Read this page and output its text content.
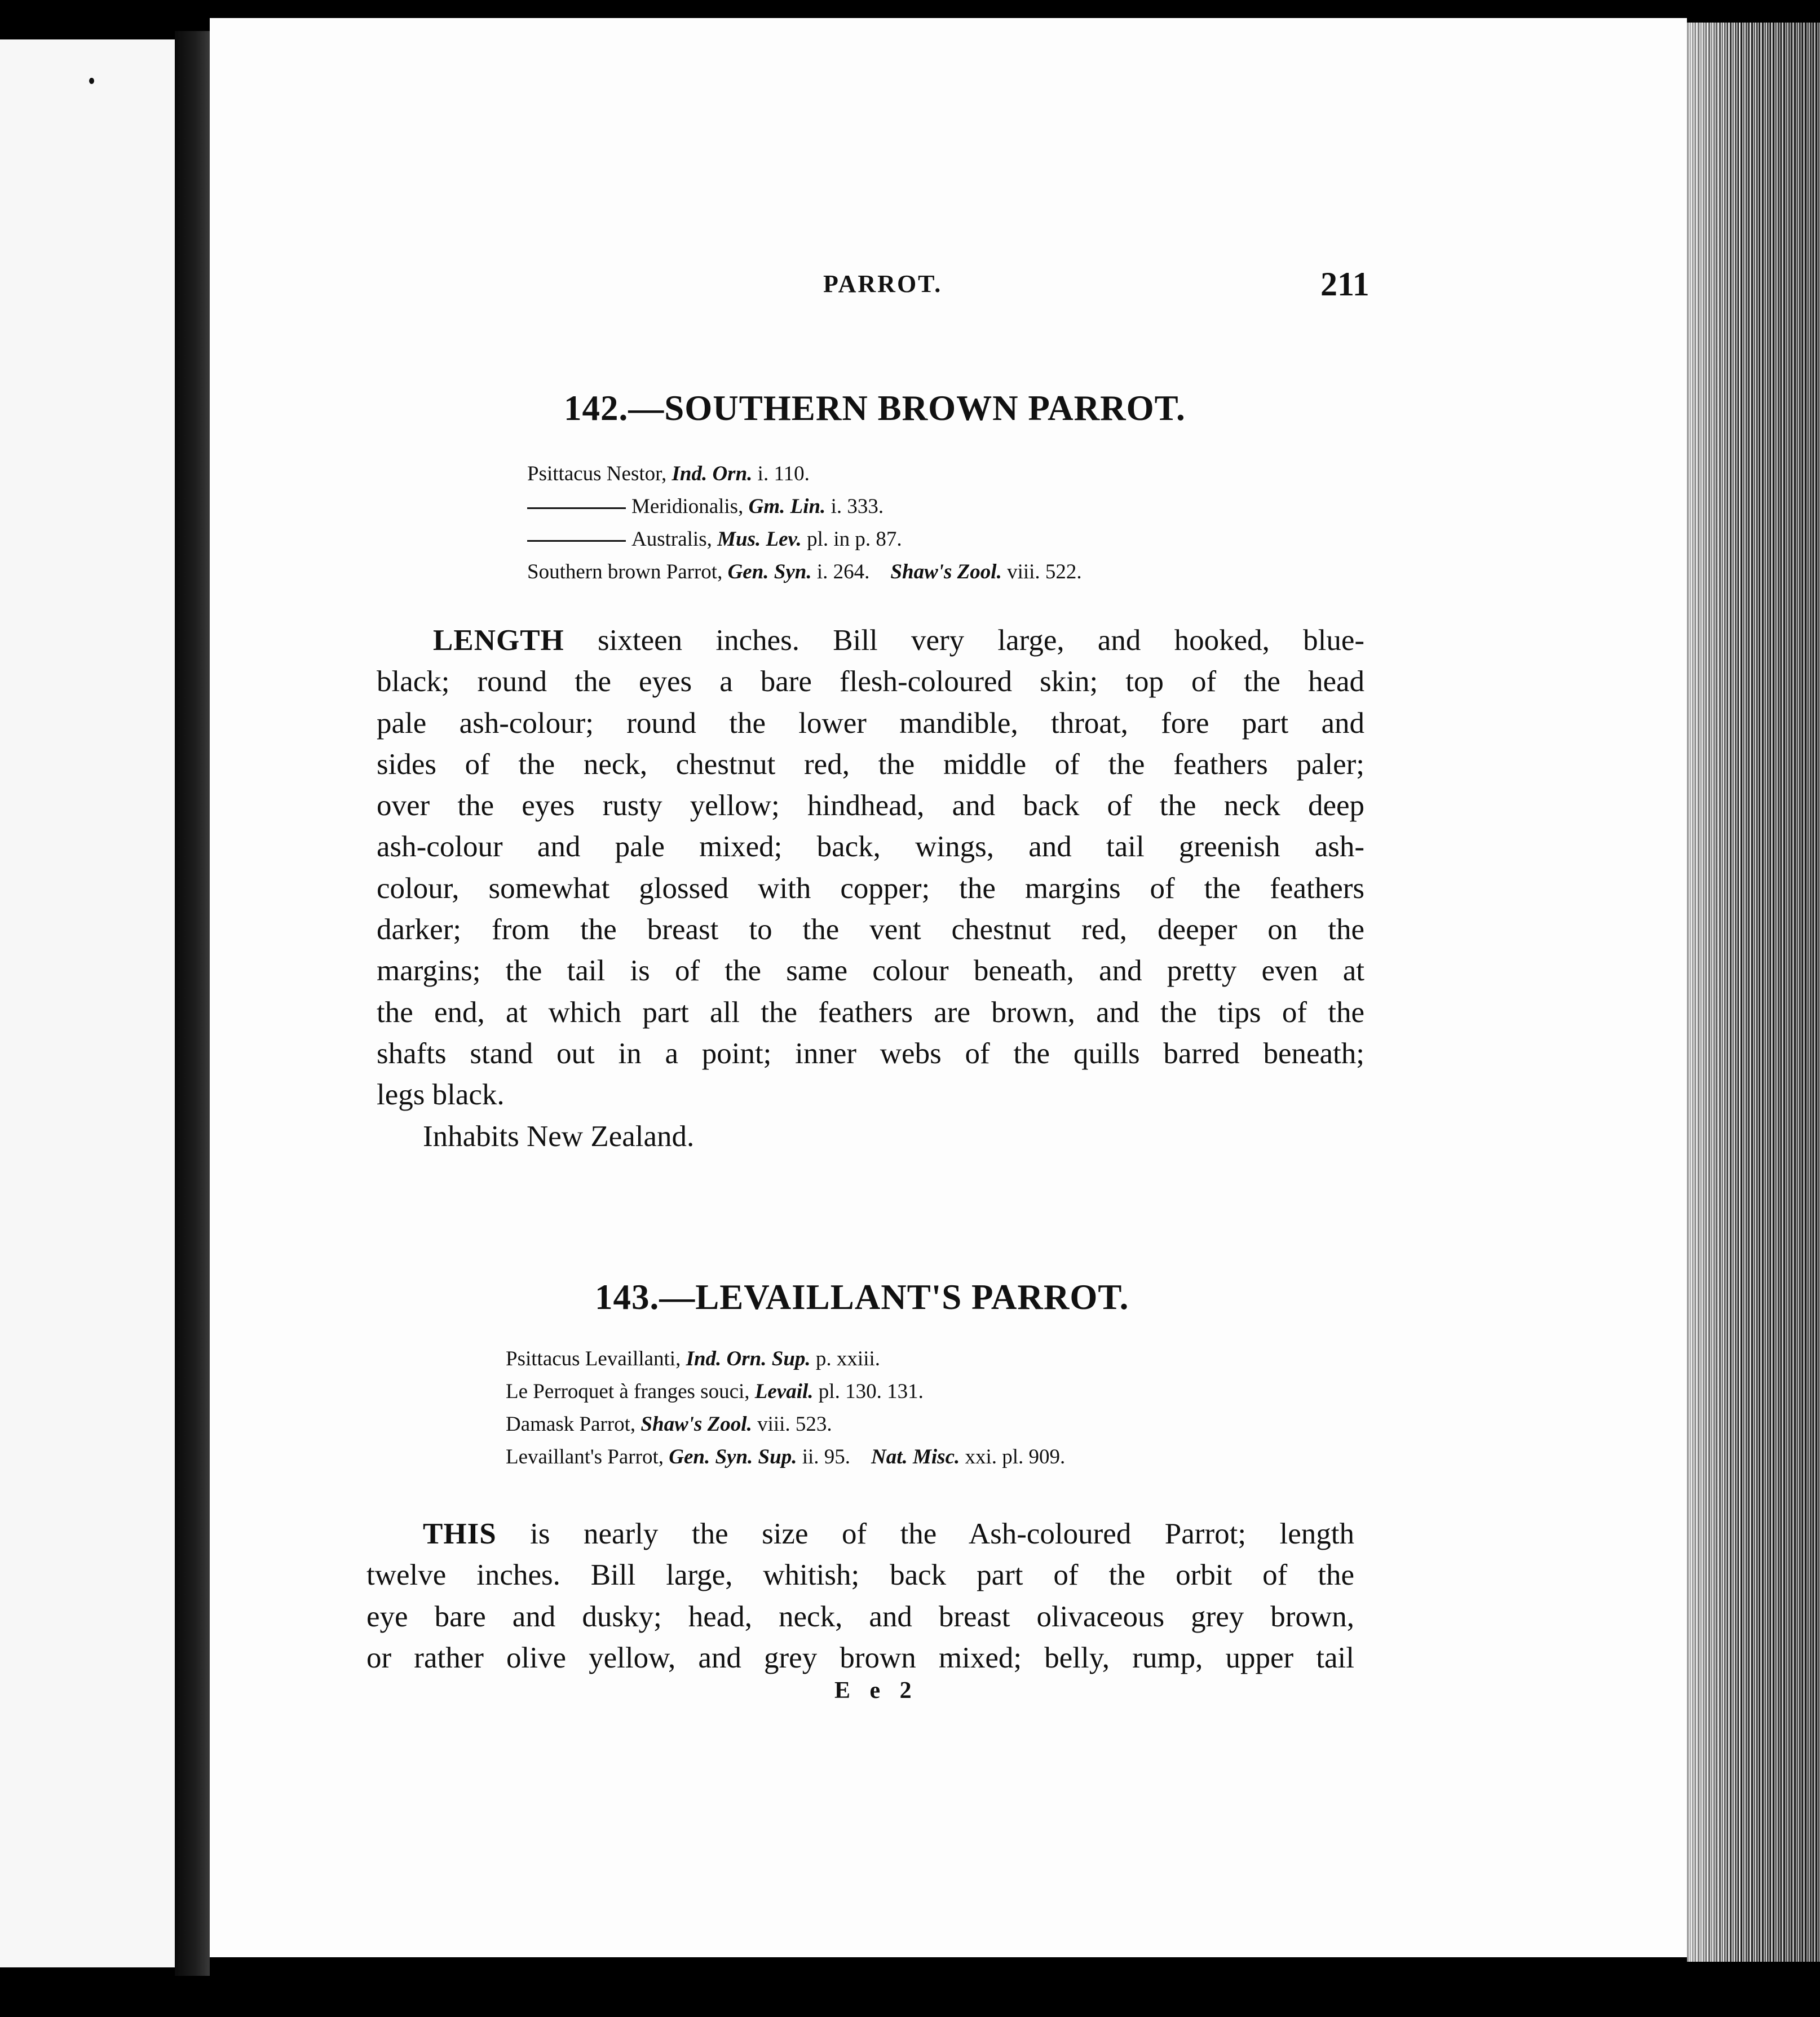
PARROT.	211
142.—SOUTHERN BROWN PARROT.
Psittacus Nestor, Ind. Orn. i. 110.
Meridionalis, Gm. Lin. i. 333.
Australis, Mus. Lev. pl. in p. 87.
Southern brown Parrot, Gen. Syn. i. 264.  Shaw's Zool. viii. 522.
LENGTH sixteen inches. Bill very large, and hooked, blue-
black; round the eyes a bare flesh-coloured skin; top of the head
pale ash-colour; round the lower mandible, throat, fore part and
sides of the neck, chestnut red, the middle of the feathers paler;
over the eyes rusty yellow; hindhead, and back of the neck deep
ash-colour and pale mixed; back, wings, and tail greenish ash-
colour, somewhat glossed with copper; the margins of the feathers
darker; from the breast to the vent chestnut red, deeper on the
margins; the tail is of the same colour beneath, and pretty even at
the end, at which part all the feathers are brown, and the tips of the
shafts stand out in a point; inner webs of the quills barred beneath;
legs black.
Inhabits New Zealand.
143.—LEVAILLANT'S PARROT.
Psittacus Levaillanti, Ind. Orn. Sup. p. xxiii.
Le Perroquet à franges souci, Levail. pl. 130. 131.
Damask Parrot, Shaw's Zool. viii. 523.
Levaillant's Parrot, Gen. Syn. Sup. ii. 95.  Nat. Misc. xxi. pl. 909.
THIS is nearly the size of the Ash-coloured Parrot; length
twelve inches. Bill large, whitish; back part of the orbit of the
eye bare and dusky; head, neck, and breast olivaceous grey brown,
or rather olive yellow, and grey brown mixed; belly, rump, upper tail
E e 2
